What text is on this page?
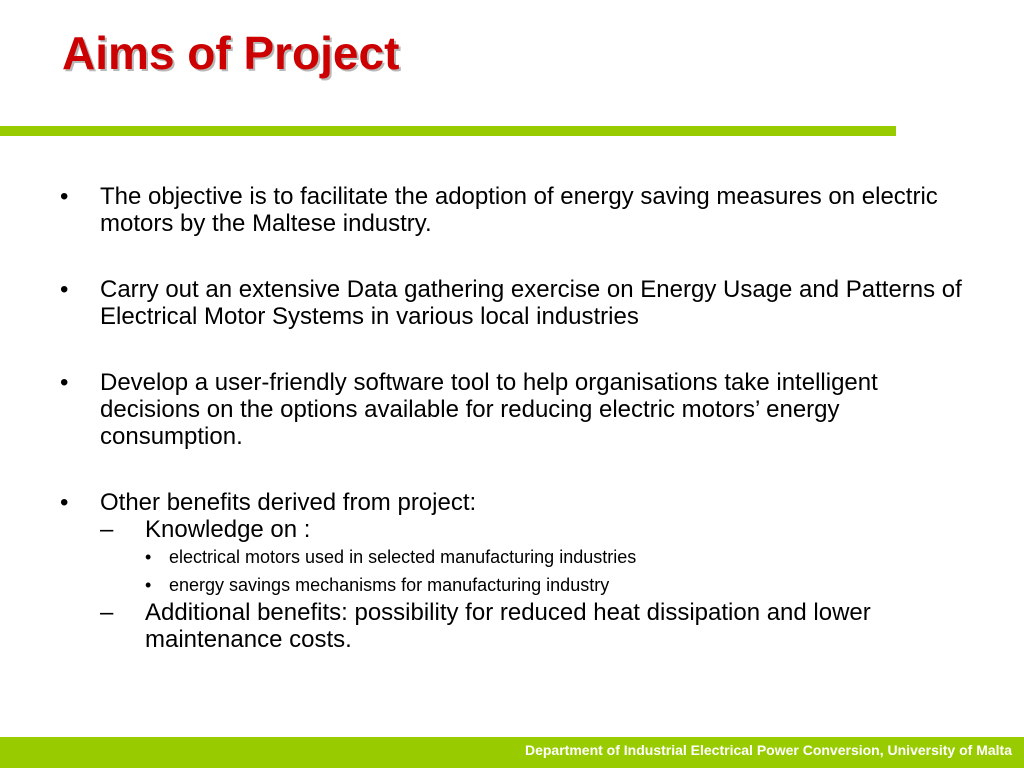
Aims of Project
• The objective is to facilitate the adoption of energy saving measures on electric motors by the Maltese industry.
• Carry out an extensive Data gathering exercise on Energy Usage and Patterns of Electrical Motor Systems in various local industries
• Develop a user-friendly software tool to help organisations take intelligent decisions on the options available for reducing electric motors’ energy consumption.
• Other benefits derived from project:
– Knowledge on :
• electrical motors used in selected manufacturing industries
• energy savings mechanisms for manufacturing industry
– Additional benefits: possibility for reduced heat dissipation and lower maintenance costs.
Department of Industrial Electrical Power Conversion, University of Malta
